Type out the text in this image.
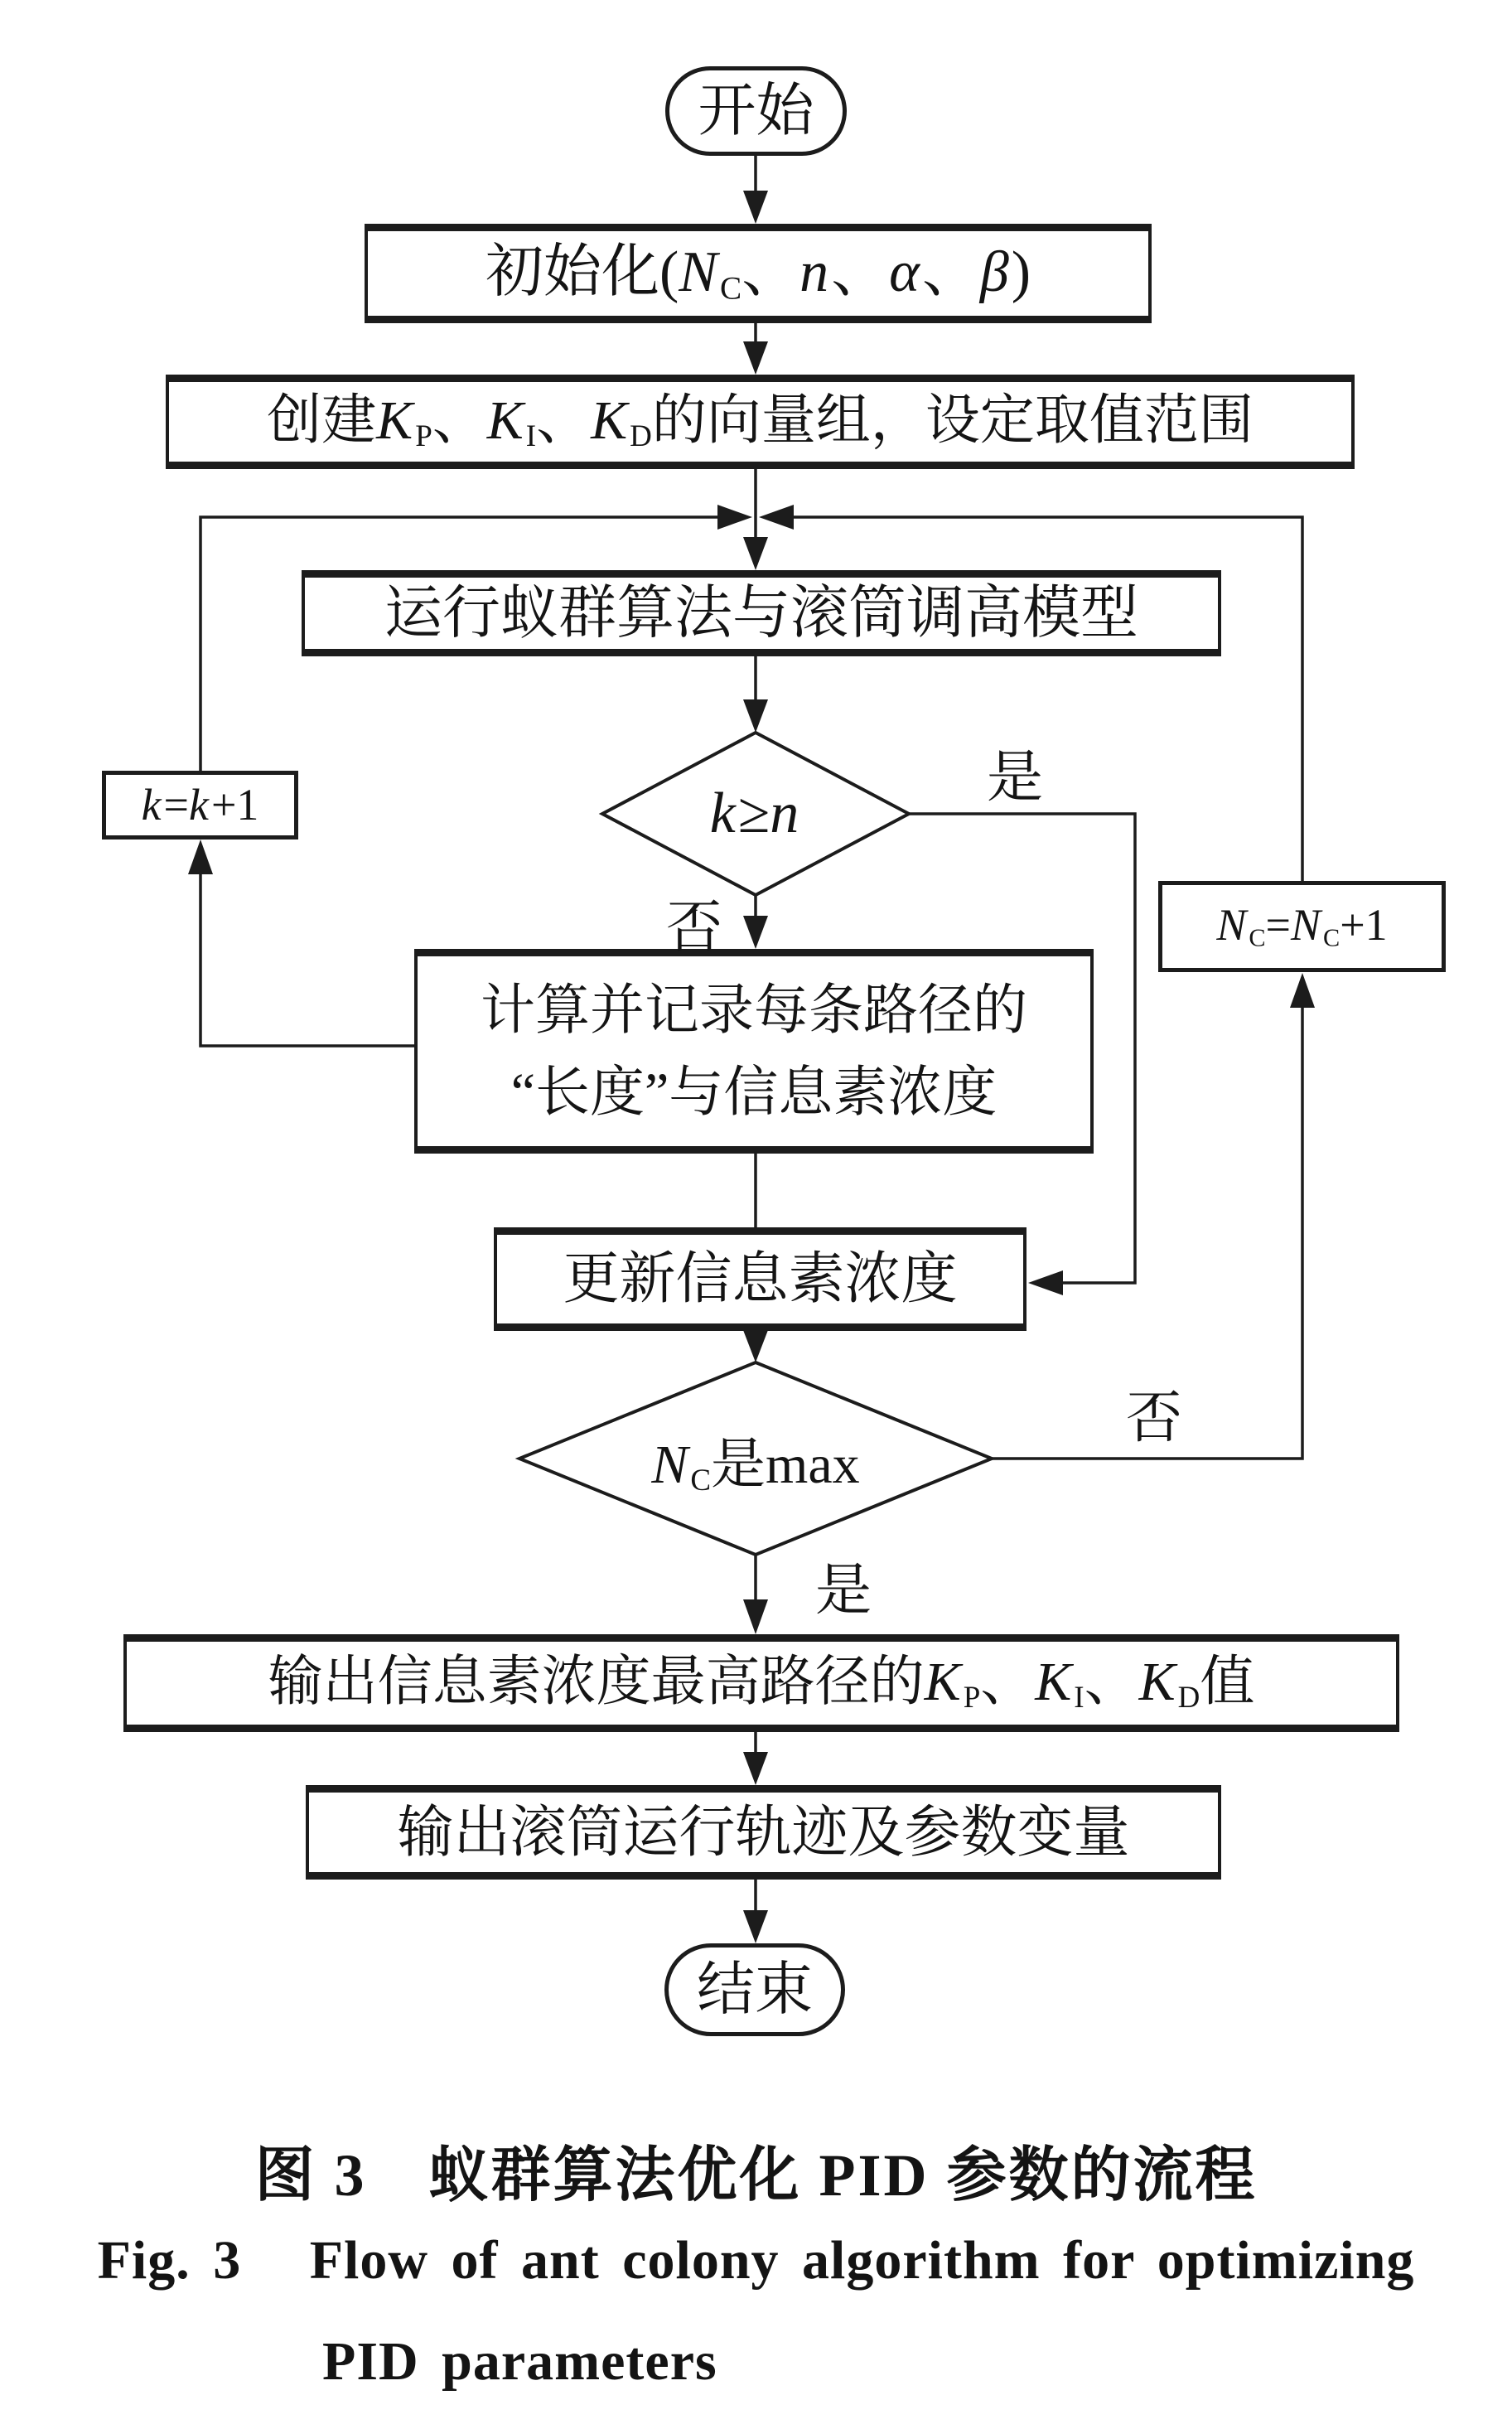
开始
初始化(NC、n、α、β)
创建KP、KI、KD的向量组，设定取值范围
运行蚁群算法与滚筒调高模型
k≥n
k=k+1
计算并记录每条路径的
“长度”与信息素浓度
更新信息素浓度
NC是max
NC=NC+1
输出信息素浓度最高路径的KP、KI、KD值
输出滚筒运行轨迹及参数变量
结束
是
否
否
是
图 3　蚁群算法优化 PID 参数的流程
Fig. 3   Flow of ant colony algorithm for optimizing
PID parameters
